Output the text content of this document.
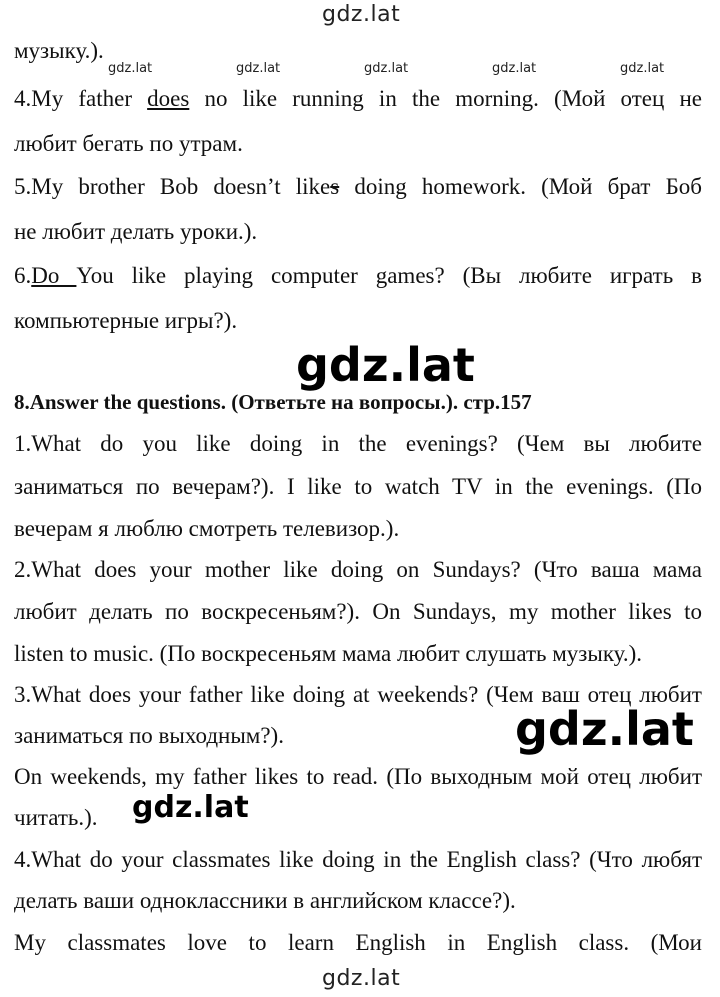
gdz.lat
gdz.lat	gdz.lat	gdz.lat	gdz.lat	gdz.lat
музыку.).
4.My father does no like running in the morning. (Мой отец не
любит бегать по утрам.
5.My brother Bob doesn’t likes doing homework. (Мой брат Боб
не любит делать уроки.).
6.Do You like playing computer games? (Вы любите играть в
компьютерные игры?).
gdz.lat
8.Answer the questions. (Ответьте на вопросы.). стр.157
1.What do you like doing in the evenings? (Чем вы любите
заниматься по вечерам?). I like to watch TV in the evenings. (По
вечерам я люблю смотреть телевизор.).
2.What does your mother like doing on Sundays? (Что ваша мама
любит делать по воскресеньям?). On Sundays, my mother likes to
listen to music. (По воскресеньям мама любит слушать музыку.).
3.What does your father like doing at weekends? (Чем ваш отец любит
заниматься по выходным?).	gdz.lat
On weekends, my father likes to read. (По выходным мой отец любит
читать.).	gdz.lat
4.What do your classmates like doing in the English class? (Что любят
делать ваши одноклассники в английском классе?).
My classmates love to learn English in English class. (Мои
gdz.lat
